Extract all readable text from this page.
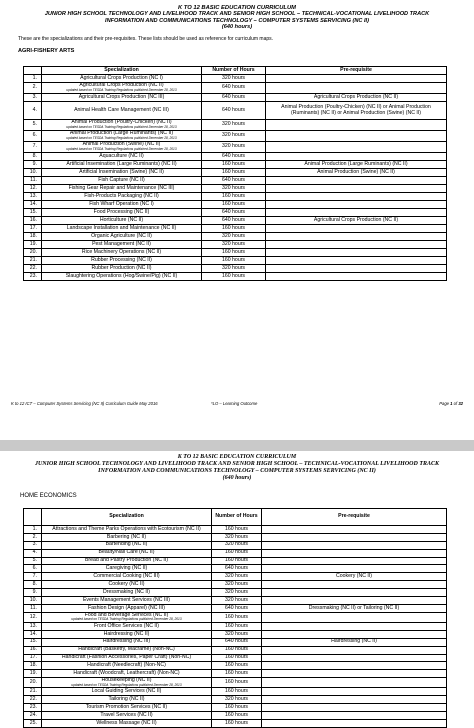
K TO 12 BASIC EDUCATION CURRICULUM
JUNIOR HIGH SCHOOL TECHNOLOGY AND LIVELIHOOD TRACK AND SENIOR HIGH SCHOOL – TECHNICAL-VOCATIONAL LIVELIHOOD TRACK
INFORMATION AND COMMUNICATIONS TECHNOLOGY – COMPUTER SYSTEMS SERVICING (NC II)
(640 hours)
These are the specializations and their pre-requisites. These lists should be used as reference for curriculum maps.
AGRI-FISHERY ARTS
	Specialization	Number of Hours	Pre-requisite
1.	Agricultural Crops Production (NC I)	320 hours	
2.	Agricultural Crops Production (NC II)
updated based on TESDA Training Regulations published December 28, 2013	640 hours	
3.	Agricultural Crops Production (NC III)	640 hours	Agricultural Crops Production (NC II)
4.	Animal Health Care Management (NC III)	640 hours	Animal Production (Poultry-Chicken) (NC II) or Animal Production (Ruminants) (NC II) or Animal Production (Swine) (NC II)
5.	Animal Production (Poultry-Chicken) (NC II)
updated based on TESDA Training Regulations published December 28, 2013	320 hours	
6.	Animal Production (Large Ruminants) (NC II)
updated based on TESDA Training Regulations published December 28, 2013	320 hours	
7.	Animal Production (Swine) (NC II)
updated based on TESDA Training Regulations published December 28, 2013	320 hours	
8.	Aquaculture (NC II)	640 hours	
9.	Artificial Insemination (Large Ruminants) (NC II)	160 hours	Animal Production (Large Ruminants) (NC II)
10.	Artificial Insemination (Swine) (NC II)	160 hours	Animal Production (Swine) (NC II)
11.	Fish Capture (NC II)	640 hours	
12.	Fishing Gear Repair and Maintenance (NC III)	320 hours	
13.	Fish-Products Packaging (NC II)	160 hours	
14.	Fish Wharf Operation (NC I)	160 hours	
15.	Food Processing (NC II)	640 hours	
16.	Horticulture (NC II)	640 hours	Agricultural Crops Production (NC II)
17.	Landscape Installation and Maintenance (NC II)	160 hours	
18.	Organic Agriculture (NC II)	320 hours	
19.	Pest Management (NC II)	320 hours	
20.	Rice Machinery Operations (NC II)	160 hours	
21.	Rubber Processing (NC II)	160 hours	
22.	Rubber Production (NC II)	320 hours	
23.	Slaughtering Operations (Hog/Swine/Pig) (NC II)	160 hours	
K to 12 ICT – Computer Systems Servicing (NC II) Curriculum Guide May 2016	*LO – Learning Outcome	Page 1 of 32
K TO 12 BASIC EDUCATION CURRICULUM
JUNIOR HIGH SCHOOL TECHNOLOGY AND LIVELIHOOD TRACK AND SENIOR HIGH SCHOOL – TECHNICAL-VOCATIONAL LIVELIHOOD TRACK
INFORMATION AND COMMUNICATIONS TECHNOLOGY – COMPUTER SYSTEMS SERVICING (NC II)
(640 hours)
HOME ECONOMICS
	Specialization	Number of Hours	Pre-requisite
1.	Attractions and Theme Parks Operations with Ecotourism (NC II)	160 hours	
2.	Barbering (NC II)	320 hours	
3.	Bartending (NC II)	320 hours	
4.	Beauty/Nail Care (NC II)	160 hours	
5.	Bread and Pastry Production (NC II)	160 hours	
6.	Caregiving (NC II)	640 hours	
7.	Commercial Cooking (NC III)	320 hours	Cookery (NC II)
8.	Cookery (NC II)	320 hours	
9.	Dressmaking (NC II)	320 hours	
10.	Events Management Services (NC III)	320 hours	
11.	Fashion Design (Apparel) (NC III)	640 hours	Dressmaking (NC II) or Tailoring (NC II)
12.	Food and Beverage Services (NC II)
updated based on TESDA Training Regulations published December 28, 2013	160 hours	
13.	Front Office Services (NC II)	160 hours	
14.	Hairdressing (NC II)	320 hours	
15.	Hairdressing (NC III)	640 hours	Hairdressing (NC II)
16.	Handicraft (Basketry, Macrame) (Non-NC)	160 hours	
17.	Handicraft (Fashion Accessories, Paper Craft) (Non-NC)	160 hours	
18.	Handicraft (Needlecraft) (Non-NC)	160 hours	
19.	Handicraft (Woodcraft, Leathercraft) (Non-NC)	160 hours	
20.	Housekeeping (NC II)
updated based on TESDA Training Regulations published December 28, 2013	160 hours	
21.	Local Guiding Services (NC II)	160 hours	
22.	Tailoring (NC II)	320 hours	
23.	Tourism Promotion Services (NC II)	160 hours	
24.	Travel Services (NC II)	160 hours	
25.	Wellness Massage (NC II)	160 hours	
